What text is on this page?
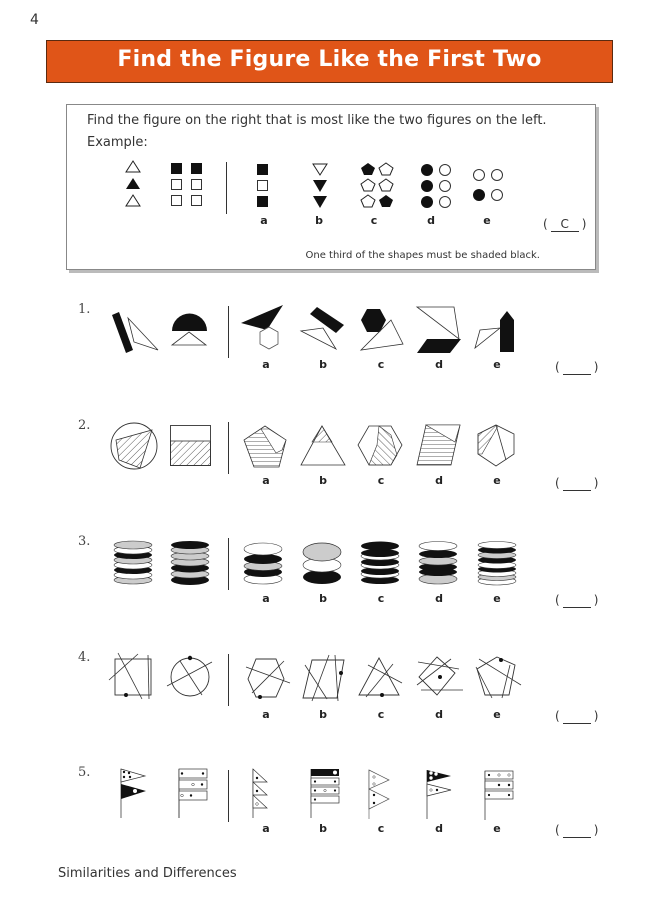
4
Find the Figure Like the First Two
Find the figure on the right that is most like the two figures on the left.
Example:
One third of the shapes must be shaded black.
a	b	c	d	e	( C )
1.
a	b	c	d	e	(	)
2.
a	b	c	d	e	(	)
3.
a	b	c	d	e	(	)
4.
a	b	c	d	e	(	)
5.
a	b	c	d	e	(	)
Similarities and Differences
